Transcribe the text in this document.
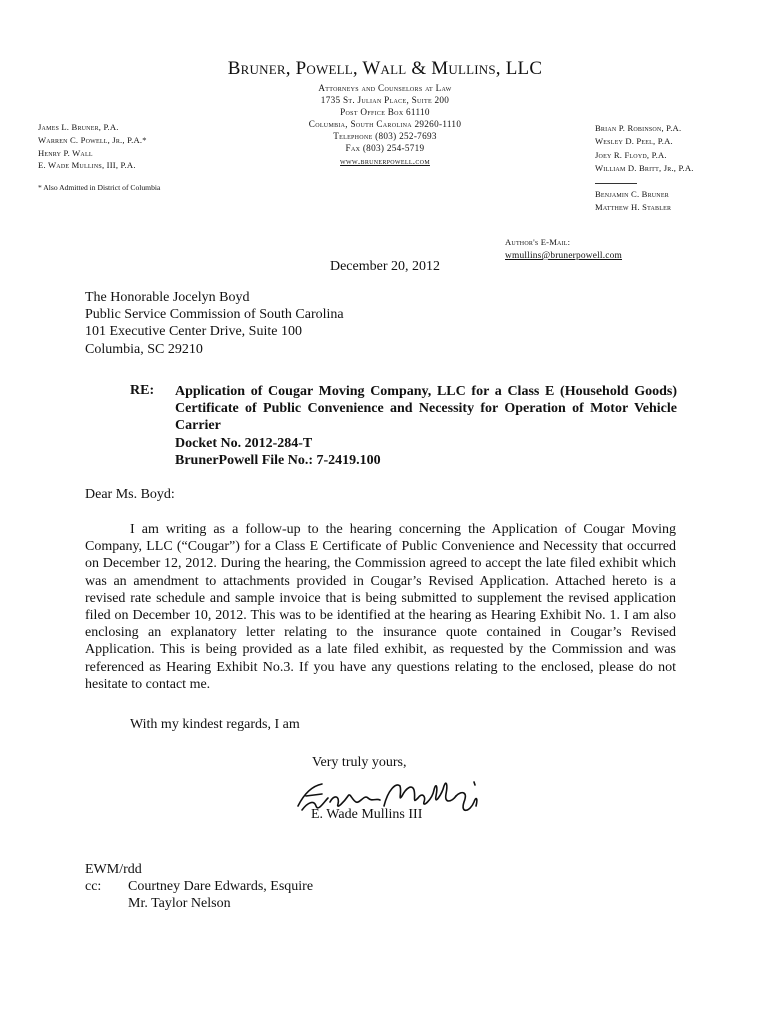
Bruner, Powell, Wall & Mullins, LLC
Attorneys and Counselors at Law
1735 St. Julian Place, Suite 200
Post Office Box 61110
Columbia, South Carolina 29260-1110
Telephone (803) 252-7693
Fax (803) 254-5719
www.brunerpowell.com
James L. Bruner, P.A.
Warren C. Powell, Jr., P.A.*
Henry P. Wall
E. Wade Mullins, III, P.A.
* Also Admitted in District of Columbia
Brian P. Robinson, P.A.
Wesley D. Peel, P.A.
Joey R. Floyd, P.A.
William D. Britt, Jr., P.A.
Benjamin C. Bruner
Matthew H. Stabler
Author's E-Mail:
wmullins@brunerpowell.com
December 20, 2012
The Honorable Jocelyn Boyd
Public Service Commission of South Carolina
101 Executive Center Drive, Suite 100
Columbia, SC 29210
RE: Application of Cougar Moving Company, LLC for a Class E (Household Goods) Certificate of Public Convenience and Necessity for Operation of Motor Vehicle Carrier
Docket No. 2012-284-T
BrunerPowell File No.: 7-2419.100
Dear Ms. Boyd:
I am writing as a follow-up to the hearing concerning the Application of Cougar Moving Company, LLC (“Cougar”) for a Class E Certificate of Public Convenience and Necessity that occurred on December 12, 2012. During the hearing, the Commission agreed to accept the late filed exhibit which was an amendment to attachments provided in Cougar’s Revised Application. Attached hereto is a revised rate schedule and sample invoice that is being submitted to supplement the revised application filed on December 10, 2012. This was to be identified at the hearing as Hearing Exhibit No. 1. I am also enclosing an explanatory letter relating to the insurance quote contained in Cougar’s Revised Application. This is being provided as a late filed exhibit, as requested by the Commission and was referenced as Hearing Exhibit No.3. If you have any questions relating to the enclosed, please do not hesitate to contact me.
With my kindest regards, I am
Very truly yours,
E. Wade Mullins III
EWM/rdd
cc: Courtney Dare Edwards, Esquire
Mr. Taylor Nelson
